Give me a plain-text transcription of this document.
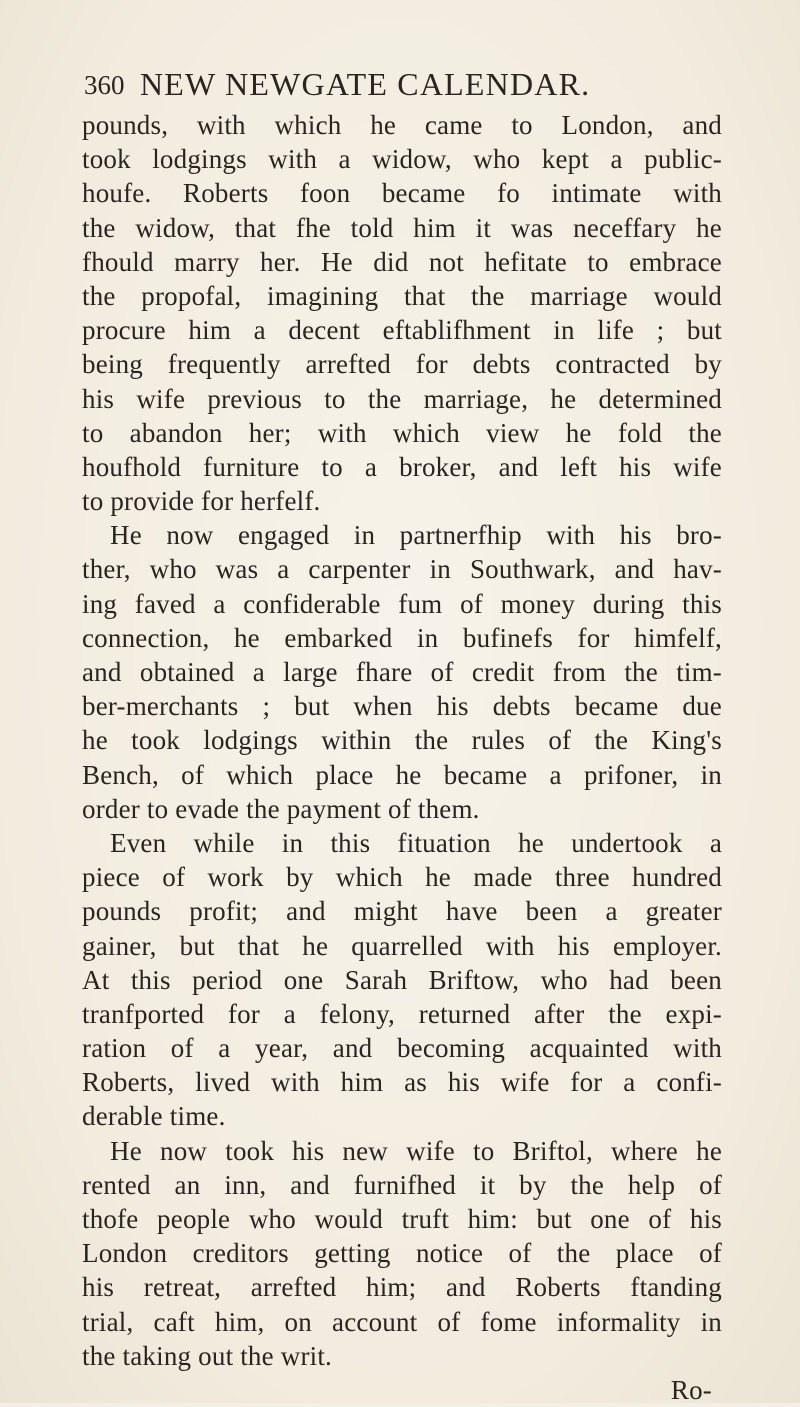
360 NEW NEWGATE CALENDAR.
pounds, with which he came to London, and
took lodgings with a widow, who kept a public-
houfe. Roberts foon became fo intimate with
the widow, that fhe told him it was neceffary he
fhould marry her. He did not hefitate to embrace
the propofal, imagining that the marriage would
procure him a decent eftablifhment in life ; but
being frequently arrefted for debts contracted by
his wife previous to the marriage, he determined
to abandon her; with which view he fold the
houfhold furniture to a broker, and left his wife
to provide for herfelf.
He now engaged in partnerfhip with his bro-
ther, who was a carpenter in Southwark, and hav-
ing faved a confiderable fum of money during this
connection, he embarked in bufinefs for himfelf,
and obtained a large fhare of credit from the tim-
ber-merchants ; but when his debts became due
he took lodgings within the rules of the King's
Bench, of which place he became a prifoner, in
order to evade the payment of them.
Even while in this fituation he undertook a
piece of work by which he made three hundred
pounds profit; and might have been a greater
gainer, but that he quarrelled with his employer.
At this period one Sarah Briftow, who had been
tranfported for a felony, returned after the expi-
ration of a year, and becoming acquainted with
Roberts, lived with him as his wife for a confi-
derable time.
He now took his new wife to Briftol, where he
rented an inn, and furnifhed it by the help of
thofe people who would truft him: but one of his
London creditors getting notice of the place of
his retreat, arrefted him; and Roberts ftanding
trial, caft him, on account of fome informality in
the taking out the writ.
Ro-
